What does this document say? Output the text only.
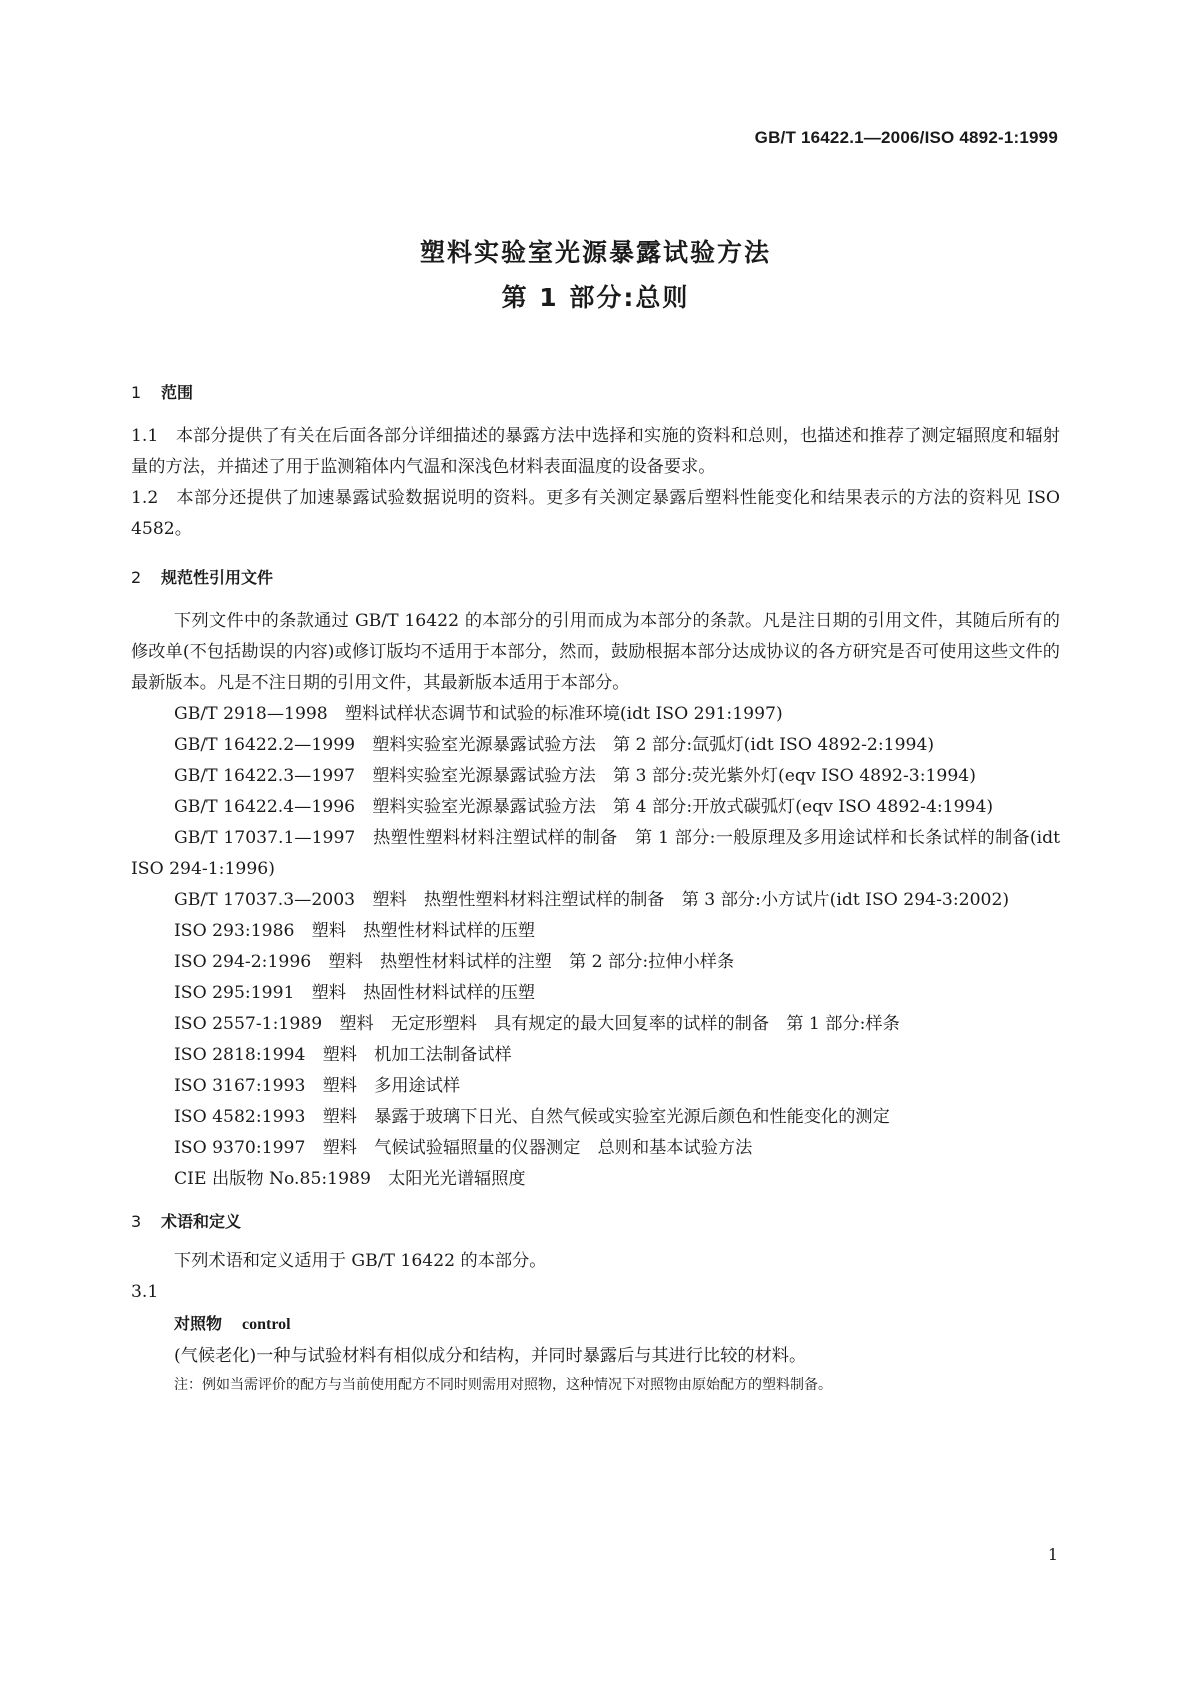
GB/T 16422.1—2006/ISO 4892-1:1999
塑料实验室光源暴露试验方法
第 1 部分:总则
1 范围

1.1　本部分提供了有关在后面各部分详细描述的暴露方法中选择和实施的资料和总则，也描述和推荐了测定辐照度和辐射量的方法，并描述了用于监测箱体内气温和深浅色材料表面温度的设备要求。

1.2　本部分还提供了加速暴露试验数据说明的资料。更多有关测定暴露后塑料性能变化和结果表示的方法的资料见 ISO 4582。

2 规范性引用文件

下列文件中的条款通过 GB/T 16422 的本部分的引用而成为本部分的条款。凡是注日期的引用文件，其随后所有的修改单(不包括勘误的内容)或修订版均不适用于本部分，然而，鼓励根据本部分达成协议的各方研究是否可使用这些文件的最新版本。凡是不注日期的引用文件，其最新版本适用于本部分。

GB/T 2918—1998　塑料试样状态调节和试验的标准环境(idt ISO 291:1997)

GB/T 16422.2—1999　塑料实验室光源暴露试验方法　第 2 部分:氙弧灯(idt ISO 4892-2:1994)

GB/T 16422.3—1997　塑料实验室光源暴露试验方法　第 3 部分:荧光紫外灯(eqv ISO 4892-3:1994)

GB/T 16422.4—1996　塑料实验室光源暴露试验方法　第 4 部分:开放式碳弧灯(eqv ISO 4892-4:1994)

GB/T 17037.1—1997　热塑性塑料材料注塑试样的制备　第 1 部分:一般原理及多用途试样和长条试样的制备(idt ISO 294-1:1996)

GB/T 17037.3—2003　塑料　热塑性塑料材料注塑试样的制备　第 3 部分:小方试片(idt ISO 294-3:2002)

ISO 293:1986　塑料　热塑性材料试样的压塑

ISO 294-2:1996　塑料　热塑性材料试样的注塑　第 2 部分:拉伸小样条

ISO 295:1991　塑料　热固性材料试样的压塑

ISO 2557-1:1989　塑料　无定形塑料　具有规定的最大回复率的试样的制备　第 1 部分:样条

ISO 2818:1994　塑料　机加工法制备试样

ISO 3167:1993　塑料　多用途试样

ISO 4582:1993　塑料　暴露于玻璃下日光、自然气候或实验室光源后颜色和性能变化的测定

ISO 9370:1997　塑料　气候试验辐照量的仪器测定　总则和基本试验方法

CIE 出版物 No.85:1989　太阳光光谱辐照度

3 术语和定义

下列术语和定义适用于 GB/T 16422 的本部分。

3.1
对照物 control
(气候老化)一种与试验材料有相似成分和结构，并同时暴露后与其进行比较的材料。
注：例如当需评价的配方与当前使用配方不同时则需用对照物，这种情况下对照物由原始配方的塑料制备。
1
